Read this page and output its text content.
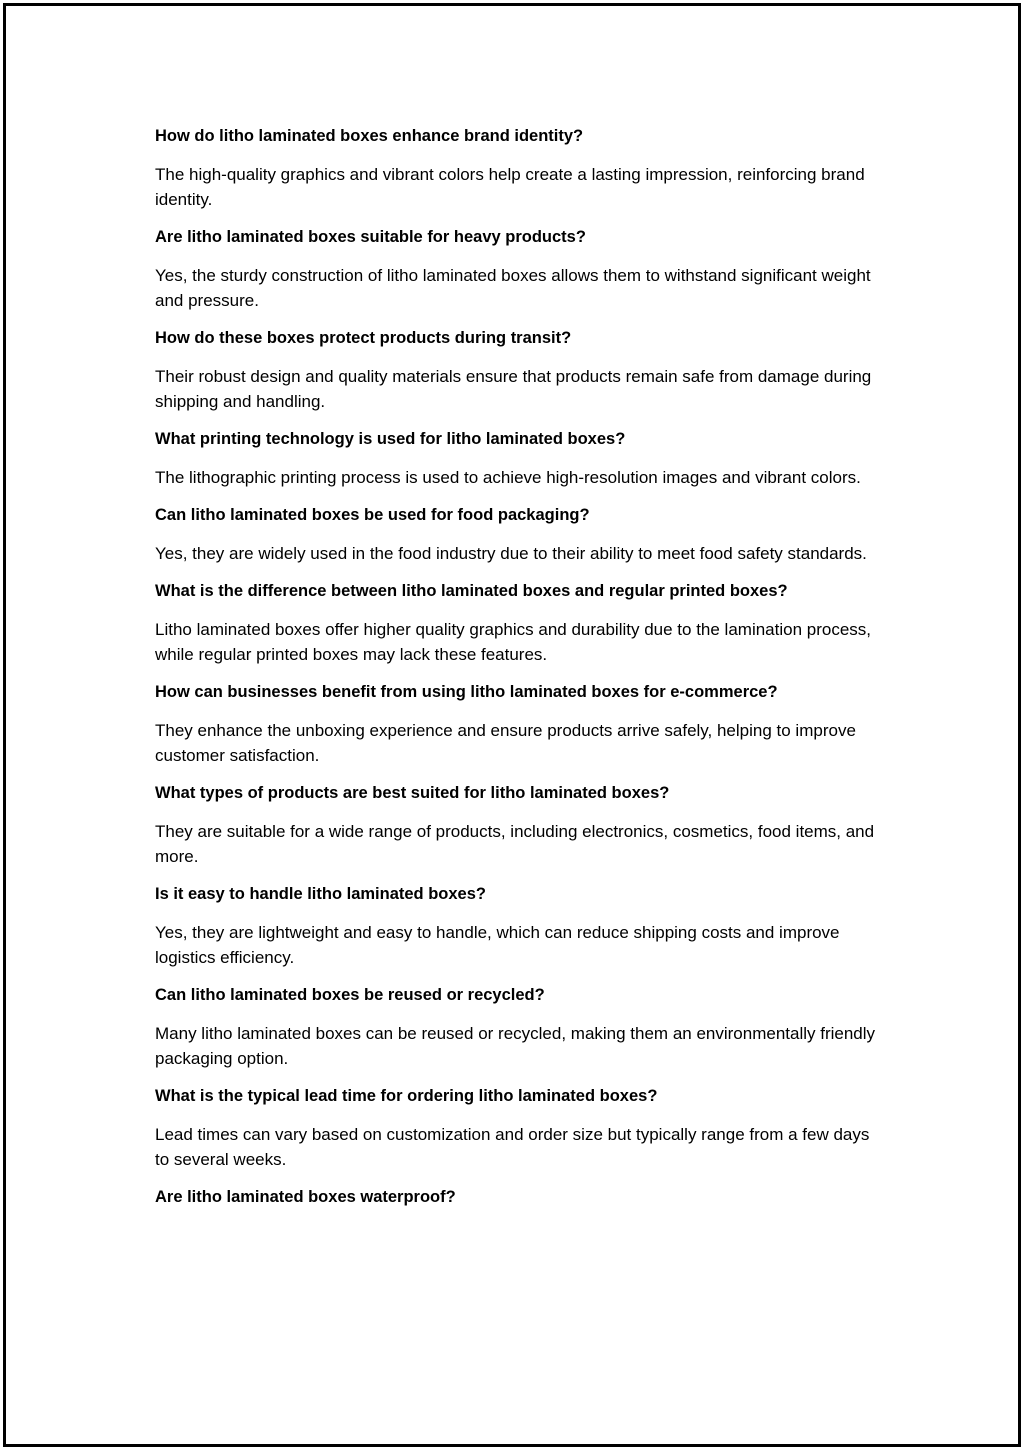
How do litho laminated boxes enhance brand identity?

The high-quality graphics and vibrant colors help create a lasting impression, reinforcing brand identity.

Are litho laminated boxes suitable for heavy products?

Yes, the sturdy construction of litho laminated boxes allows them to withstand significant weight and pressure.

How do these boxes protect products during transit?

Their robust design and quality materials ensure that products remain safe from damage during shipping and handling.

What printing technology is used for litho laminated boxes?

The lithographic printing process is used to achieve high-resolution images and vibrant colors.

Can litho laminated boxes be used for food packaging?

Yes, they are widely used in the food industry due to their ability to meet food safety standards.

What is the difference between litho laminated boxes and regular printed boxes?

Litho laminated boxes offer higher quality graphics and durability due to the lamination process, while regular printed boxes may lack these features.

How can businesses benefit from using litho laminated boxes for e-commerce?

They enhance the unboxing experience and ensure products arrive safely, helping to improve customer satisfaction.

What types of products are best suited for litho laminated boxes?

They are suitable for a wide range of products, including electronics, cosmetics, food items, and more.

Is it easy to handle litho laminated boxes?

Yes, they are lightweight and easy to handle, which can reduce shipping costs and improve logistics efficiency.

Can litho laminated boxes be reused or recycled?

Many litho laminated boxes can be reused or recycled, making them an environmentally friendly packaging option.

What is the typical lead time for ordering litho laminated boxes?

Lead times can vary based on customization and order size but typically range from a few days to several weeks.

Are litho laminated boxes waterproof?
